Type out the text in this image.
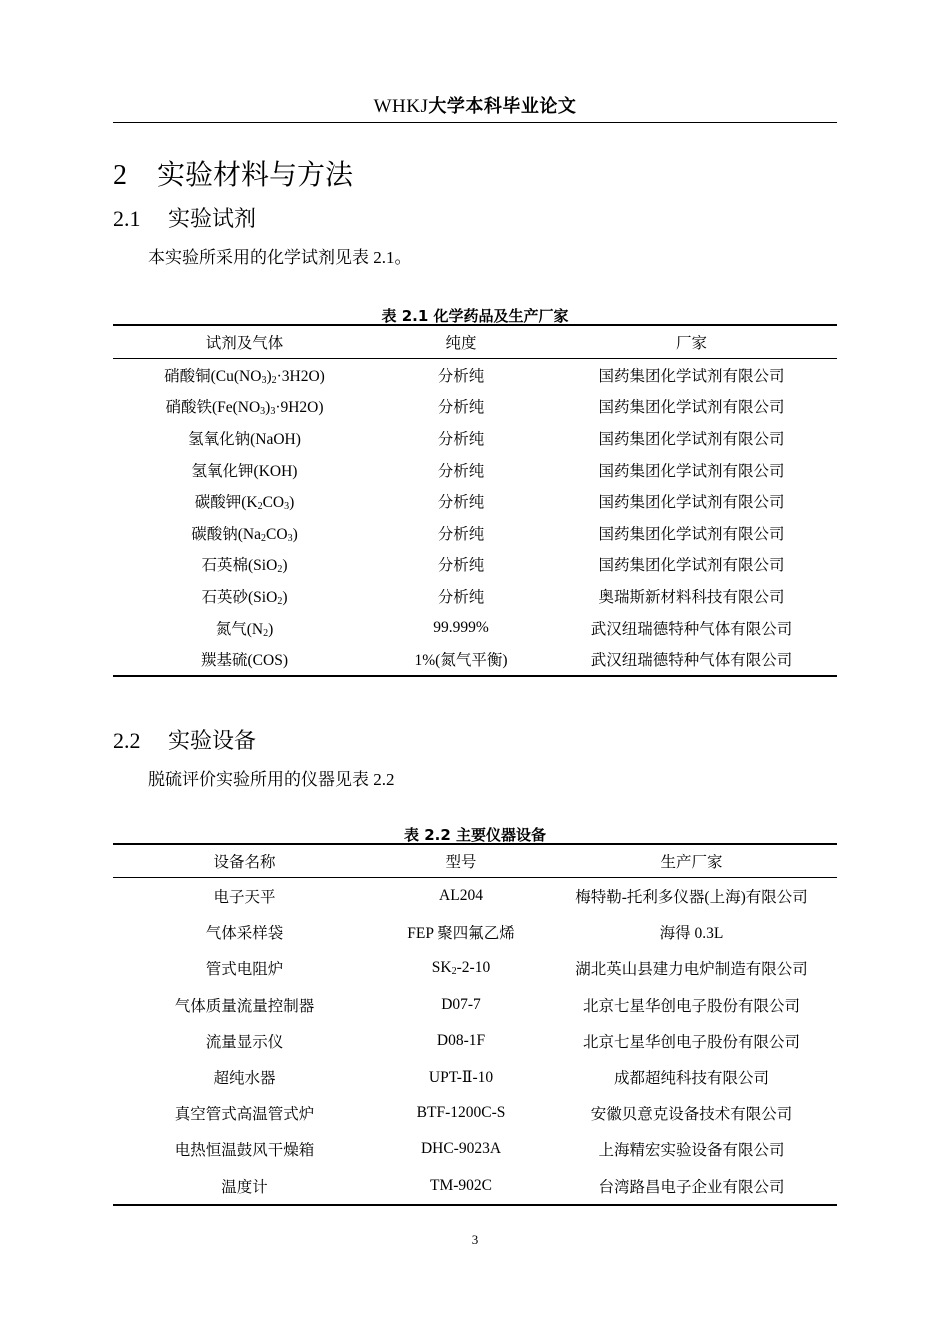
WHKJ大学本科毕业论文
2 实验材料与方法
2.1 实验试剂
本实验所采用的化学试剂见表 2.1。
表 2.1 化学药品及生产厂家
试剂及气体	纯度	厂家
硝酸铜$(Cu(NO_3)_2\cdot 3H2O)$	分析纯	国药集团化学试剂有限公司
硝酸铁$(Fe(NO_3)_3\cdot 9H2O)$	分析纯	国药集团化学试剂有限公司
氢氧化钠(NaOH)	分析纯	国药集团化学试剂有限公司
氢氧化钾(KOH)	分析纯	国药集团化学试剂有限公司
碳酸钾$(K_2CO_3)$	分析纯	国药集团化学试剂有限公司
碳酸钠$(Na_2CO_3)$	分析纯	国药集团化学试剂有限公司
石英棉(SiO$_2$)	分析纯	国药集团化学试剂有限公司
石英砂(SiO$_2$)	分析纯	奥瑞斯新材料科技有限公司
氮气$(N_2)$	99.999%	武汉纽瑞德特种气体有限公司
羰基硫(COS)	1%(氮气平衡)	武汉纽瑞德特种气体有限公司
2.2 实验设备
脱硫评价实验所用的仪器见表 2.2
表 2.2 主要仪器设备
设备名称	型号	生产厂家
电子天平	AL204	梅特勒-托利多仪器(上海)有限公司
气体采样袋	FEP 聚四氟乙烯	海得 0.3L
管式电阻炉	$SK_2-2-10$	湖北英山县建力电炉制造有限公司
气体质量流量控制器	D07-7	北京七星华创电子股份有限公司
流量显示仪	D08-1F	北京七星华创电子股份有限公司
超纯水器	UPT-Ⅱ-10	成都超纯科技有限公司
真空管式高温管式炉	BTF-1200C-S	安徽贝意克设备技术有限公司
电热恒温鼓风干燥箱	DHC-9023A	上海精宏实验设备有限公司
温度计	TM-902C	台湾路昌电子企业有限公司
3
